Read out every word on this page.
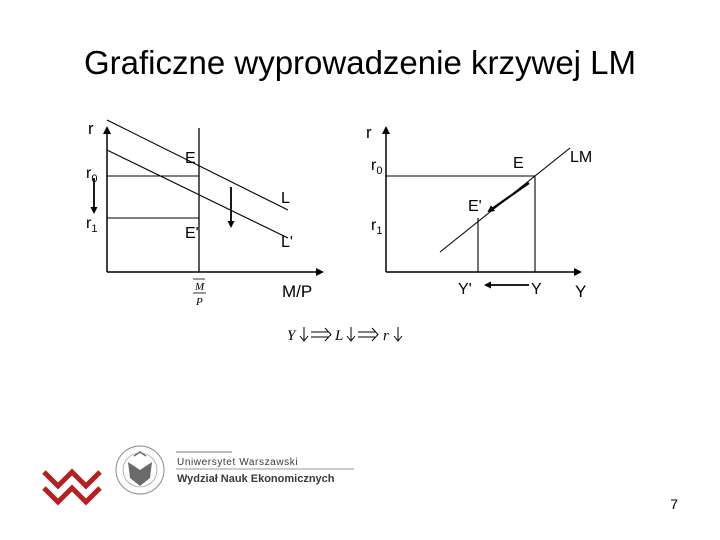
Graficzne wyprowadzenie krzywej LM
r
$r_0$
$r_1$
E
E'
L
L'
M/P
M
P
r
$r_0$
$r_1$
E
E'
LM
Y'	Y Y
Y	L	r
Uniwersytet Warszawski
Wydział Nauk Ekonomicznych
7
